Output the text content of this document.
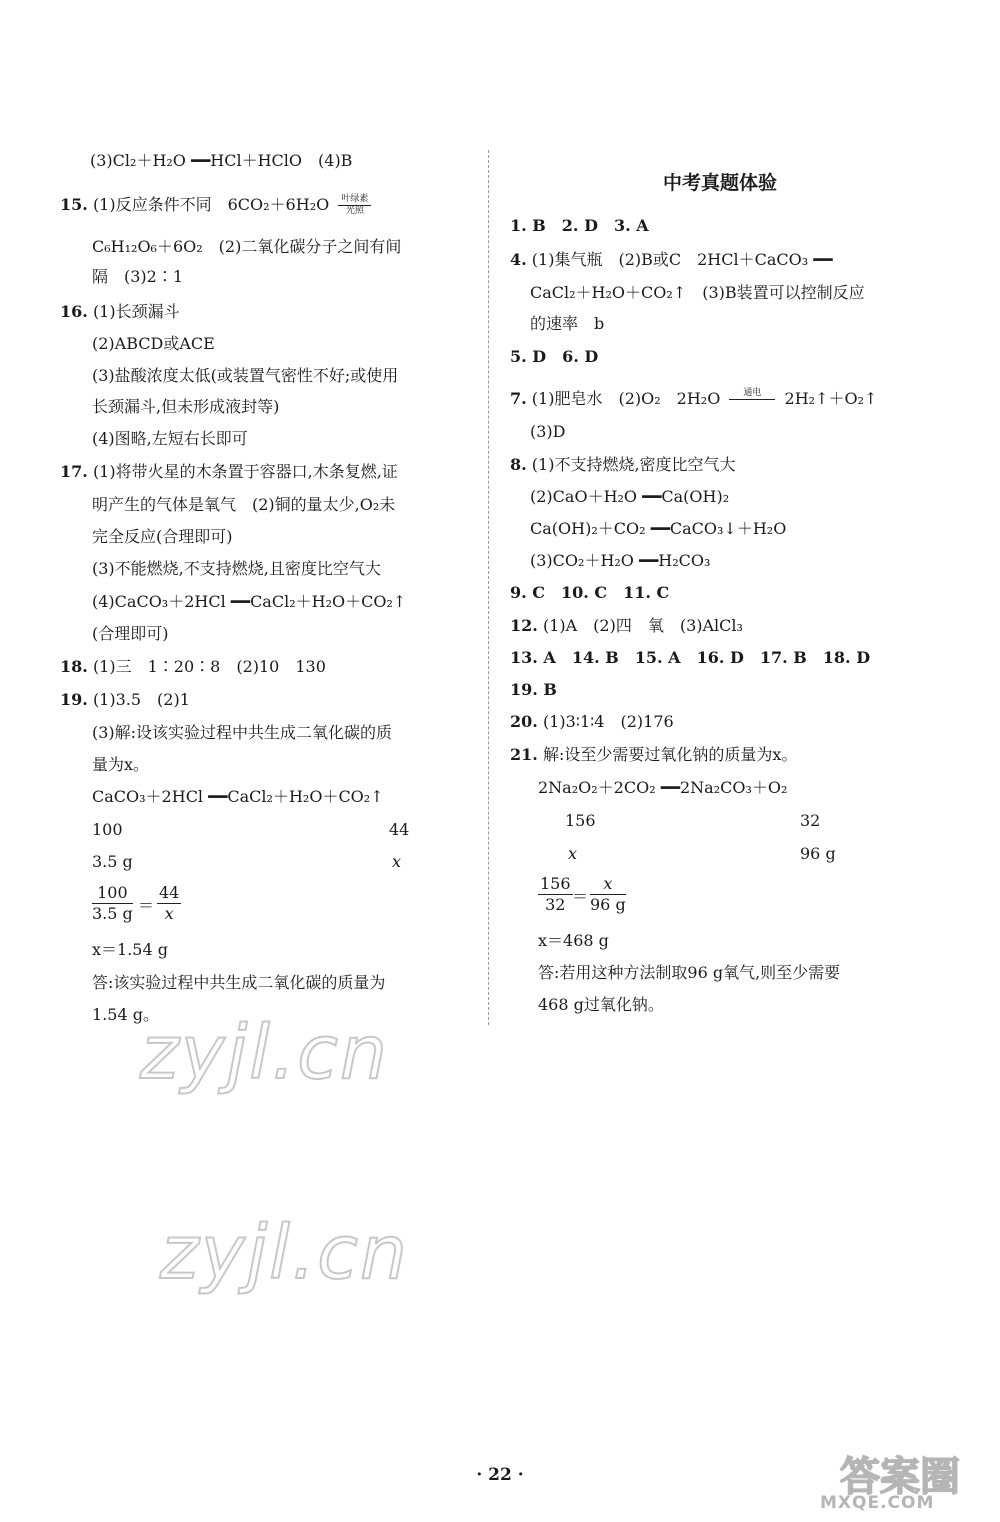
(3)Cl₂＋H₂O ━━HCl＋HClO　(4)B
15. (1)反应条件不同　6CO₂＋6H₂O	叶绿素
光照
C₆H₁₂O₆＋6O₂　(2)二氧化碳分子之间有间
隔　(3)2∶1
16. (1)长颈漏斗
(2)ABCD或ACE
(3)盐酸浓度太低(或装置气密性不好;或使用
长颈漏斗,但未形成液封等)
(4)图略,左短右长即可
17. (1)将带火星的木条置于容器口,木条复燃,证
明产生的气体是氧气　(2)铜的量太少,O₂未
完全反应(合理即可)
(3)不能燃烧,不支持燃烧,且密度比空气大
(4)CaCO₃＋2HCl ━━CaCl₂＋H₂O＋CO₂↑
(合理即可)
18. (1)三　1∶20∶8　(2)10　130
19. (1)3.5　(2)1
(3)解:设该实验过程中共生成二氧化碳的质
量为x。
CaCO₃＋2HCl ━━CaCl₂＋H₂O＋CO₂↑
100	44
3.5 g	x
$\frac{100}{3.5 g} = \frac{44}{x}$
x＝1.54 g
答:该实验过程中共生成二氧化碳的质量为
1.54 g。
中考真题体验
1. B　2. D　3. A
4. (1)集气瓶　(2)B或C　2HCl＋CaCO₃ ━━
CaCl₂＋H₂O＋CO₂↑　(3)B装置可以控制反应
的速率　b
5. D　6. D
7. (1)肥皂水　(2)O₂　2H₂O	通电
	2H₂↑＋O₂↑
(3)D
8. (1)不支持燃烧,密度比空气大
(2)CaO＋H₂O ━━Ca(OH)₂
Ca(OH)₂＋CO₂ ━━CaCO₃↓＋H₂O
(3)CO₂＋H₂O ━━H₂CO₃
9. C　10. C　11. C
12. (1)A　(2)四　氧　(3)AlCl₃
13. A　14. B　15. A　16. D　17. B　18. D
19. B
20. (1)3∶1∶4　(2)176
21. 解:设至少需要过氧化钠的质量为x。
2Na₂O₂＋2CO₂ ━━2Na₂CO₃＋O₂
156	32
x	96 g
$\frac{156}{32} = \frac{x}{96 g}$
x＝468 g
答:若用这种方法制取96 g氧气,则至少需要
468 g过氧化钠。
zyjl.cn
zyjl.cn
· 22 ·	答案圈
MXQE.COM
